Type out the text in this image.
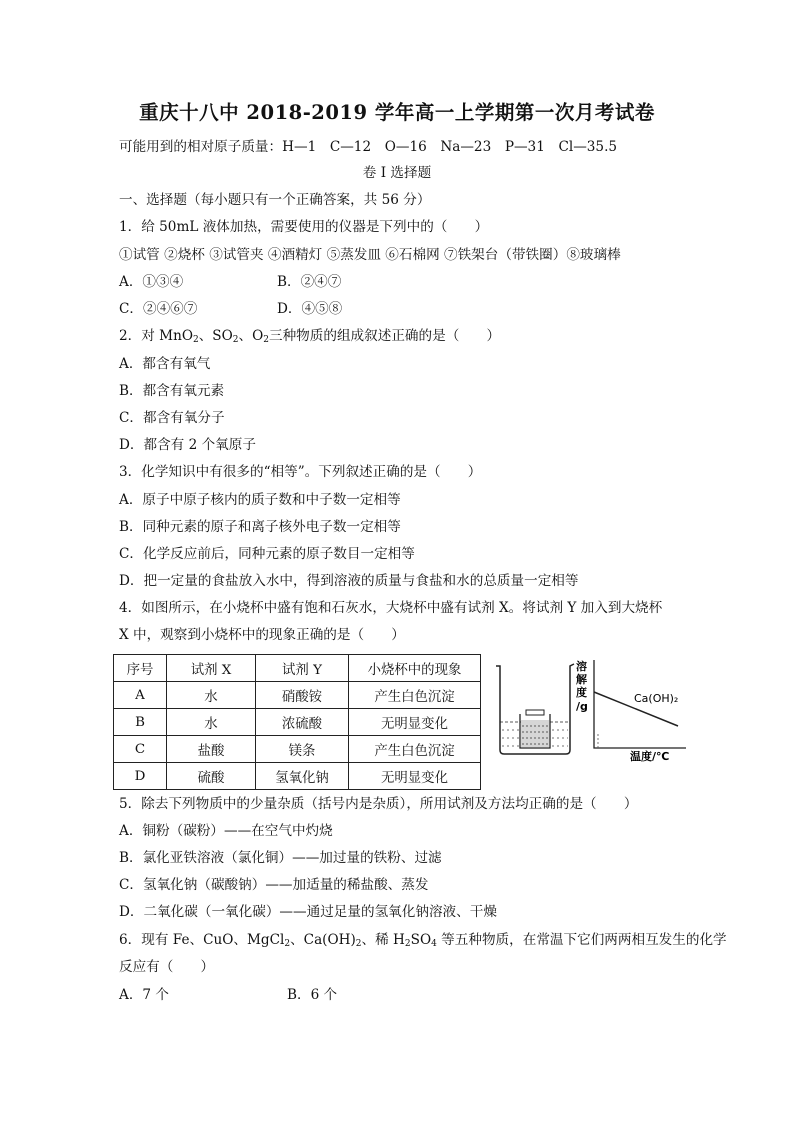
重庆十八中 2018-2019 学年高一上学期第一次月考试卷
可能用到的相对原子质量：H—1　C—12　O—16　Na—23　P—31　Cl—35.5
卷 I 选择题
一、选择题（每小题只有一个正确答案，共 56 分）
1．给 50mL 液体加热，需要使用的仪器是下列中的（　　）
①试管 ②烧杯 ③试管夹 ④酒精灯 ⑤蒸发皿 ⑥石棉网 ⑦铁架台（带铁圈）⑧玻璃棒
A．①③④	B．②④⑦
C．②④⑥⑦	D．④⑤⑧
2．对 MnO$_2$、$SO_2$、$O_2$三种物质的组成叙述正确的是（　　）
A．都含有氧气
B．都含有氧元素
C．都含有氧分子
D．都含有 2 个氧原子
3．化学知识中有很多的“相等”。下列叙述正确的是（　　）
A．原子中原子核内的质子数和中子数一定相等
B．同种元素的原子和离子核外电子数一定相等
C．化学反应前后，同种元素的原子数目一定相等
D．把一定量的食盐放入水中，得到溶液的质量与食盐和水的总质量一定相等
4．如图所示，在小烧杯中盛有饱和石灰水，大烧杯中盛有试剂 X。将试剂 Y 加入到大烧杯
X 中，观察到小烧杯中的现象正确的是（　　）
序号	试剂 X	试剂 Y	小烧杯中的现象
A	水	硝酸铵	产生白色沉淀
B	水	浓硫酸	无明显变化
C	盐酸	镁条	产生白色沉淀
D	硫酸	氢氧化钠	无明显变化
溶
解
度
/g
Ca(OH)₂
温度/℃
5．除去下列物质中的少量杂质（括号内是杂质），所用试剂及方法均正确的是（　　）
A．铜粉（碳粉）——在空气中灼烧
B．氯化亚铁溶液（氯化铜）——加过量的铁粉、过滤
C．氢氧化钠（碳酸钠）——加适量的稀盐酸、蒸发
D．二氧化碳（一氧化碳）——通过足量的氢氧化钠溶液、干燥
6．现有 Fe、CuO、MgCl$_2$、$Ca(OH)_2$、稀 $H_2SO_4$ 等五种物质，在常温下它们两两相互发生的化学
反应有（　　）
A．7 个	B．6 个
